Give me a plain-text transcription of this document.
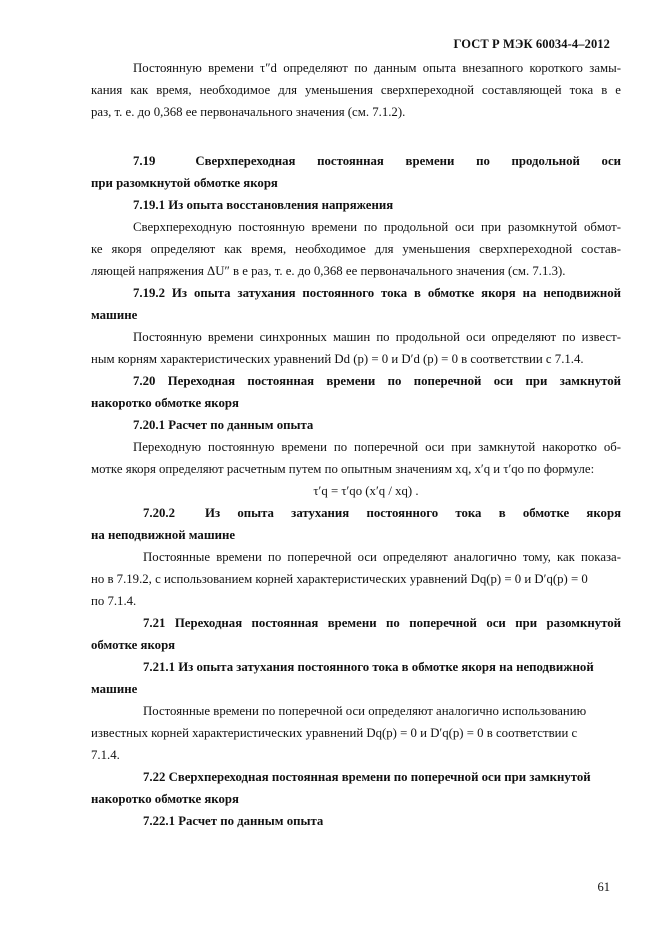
ГОСТ Р МЭК 60034-4–2012
Постоянную времени τ″d определяют по данным опыта внезапного короткого замы-
кания как время, необходимое для уменьшения сверхпереходной составляющей тока в e
раз, т. е. до 0,368 ее первоначального значения (см. 7.1.2).
7.19	Сверхпереходная постоянная времени по продольной оси
при разомкнутой обмотке якоря
7.19.1 Из опыта восстановления напряжения
Сверхпереходную постоянную времени по продольной оси при разомкнутой обмот-
ке якоря определяют как время, необходимое для уменьшения сверхпереходной состав-
ляющей напряжения ΔU″ в e раз, т. е. до 0,368 ее первоначального значения (см. 7.1.3).
7.19.2 Из опыта затухания постоянного тока в обмотке якоря на неподвижной
машине
Постоянную времени синхронных машин по продольной оси определяют по извест-
ным корням характеристических уравнений Dd (p) = 0 и D′d (p) = 0 в соответствии с 7.1.4.
7.20 Переходная постоянная времени по поперечной оси при замкнутой
накоротко обмотке якоря
7.20.1 Расчет по данным опыта
Переходную постоянную времени по поперечной оси при замкнутой накоротко об-
мотке якоря определяют расчетным путем по опытным значениям xq, x′q и τ′qo по формуле:
τ′q = τ′qo (x′q / xq) .
7.20.2 Из опыта затухания постоянного тока в обмотке якоря
на неподвижной машине
Постоянные времени по поперечной оси определяют аналогично тому, как показа-
но в 7.19.2, с использованием корней характеристических уравнений Dq(p) = 0 и D′q(p) = 0
по 7.1.4.
7.21 Переходная постоянная времени по поперечной оси при разомкнутой
обмотке якоря
7.21.1 Из опыта затухания постоянного тока в обмотке якоря на неподвижной
машине
Постоянные времени по поперечной оси определяют аналогично использованию
известных корней характеристических уравнений Dq(p) = 0 и D′q(p) = 0 в соответствии с
7.1.4.
7.22 Сверхпереходная постоянная времени по поперечной оси при замкнутой
накоротко обмотке якоря
7.22.1 Расчет по данным опыта
61
